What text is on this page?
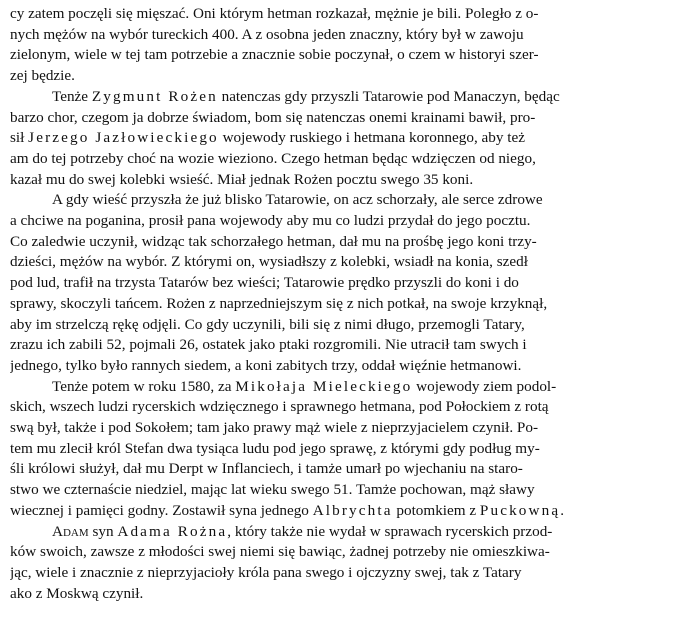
cy zatem poczęli się mięszać. Oni którym hetman rozkazał, mężnie je bili. Poległo z o-
nych mężów na wybór tureckich 400. A z osobna jeden znaczny, który był w zawoju
zielonym, wiele w tej tam potrzebie a znacznie sobie poczynał, o czem w historyi szer-
zej będzie.

Tenże Zygmunt Rożen natenczas gdy przyszli Tatarowie pod Manaczyn, będąc
barzo chor, czegom ja dobrze świadom, bom się natenczas onemi krainami bawił, pro-
sił Jerzego Jazłowieckiego wojewody ruskiego i hetmana koronnego, aby też
am do tej potrzeby choć na wozie wieziono. Czego hetman będąc wdzięczen od niego,
kazał mu do swej kolebki wsieść. Miał jednak Rożen pocztu swego 35 koni.

A gdy wieść przyszła że już blisko Tatarowie, on acz schorzały, ale serce zdrowe
a chciwe na poganina, prosił pana wojewody aby mu co ludzi przydał do jego pocztu.
Co zaledwie uczynił, widząc tak schorzałego hetman, dał mu na prośbę jego koni trzy-
dzieści, mężów na wybór. Z którymi on, wysiadłszy z kolebki, wsiadł na konia, szedł
pod lud, trafił na trzysta Tatarów bez wieści; Tatarowie prędko przyszli do koni i do
sprawy, skoczyli tańcem. Rożen z naprzedniejszym się z nich potkał, na swoje krzyknął,
aby im strzelczą rękę odjęli. Co gdy uczynili, bili się z nimi długo, przemogli Tatary,
zrazu ich zabili 52, pojmali 26, ostatek jako ptaki rozgromili. Nie utracił tam swych i
jednego, tylko było rannych siedem, a koni zabitych trzy, oddał więźnie hetmanowi.

Tenże potem w roku 1580, za Mikołaja Mieleckiego wojewody ziem podol-
skich, wszech ludzi rycerskich wdzięcznego i sprawnego hetmana, pod Połockiem z rotą
swą był, także i pod Sokołem; tam jako prawy mąż wiele z nieprzyjacielem czynił. Po-
tem mu zlecił król Stefan dwa tysiąca ludu pod jego sprawę, z którymi gdy podług my-
śli królowi służył, dał mu Derpt w Inflanciech, i tamże umarł po wjechaniu na staro-
stwo we czternaście niedziel, mając lat wieku swego 51. Tamże pochowan, mąż sławy
wiecznej i pamięci godny. Zostawił syna jednego Albrychta potomkiem z Puckowną.

Adam syn Adama Rożna, który także nie wydał w sprawach rycerskich przod-
ków swoich, zawsze z młodości swej niemi się bawiąc, żadnej potrzeby nie omieszkiwa-
jąc, wiele i znacznie z nieprzyjacioły króla pana swego i ojczyzny swej, tak z Tatary
ako z Moskwą czynił.
